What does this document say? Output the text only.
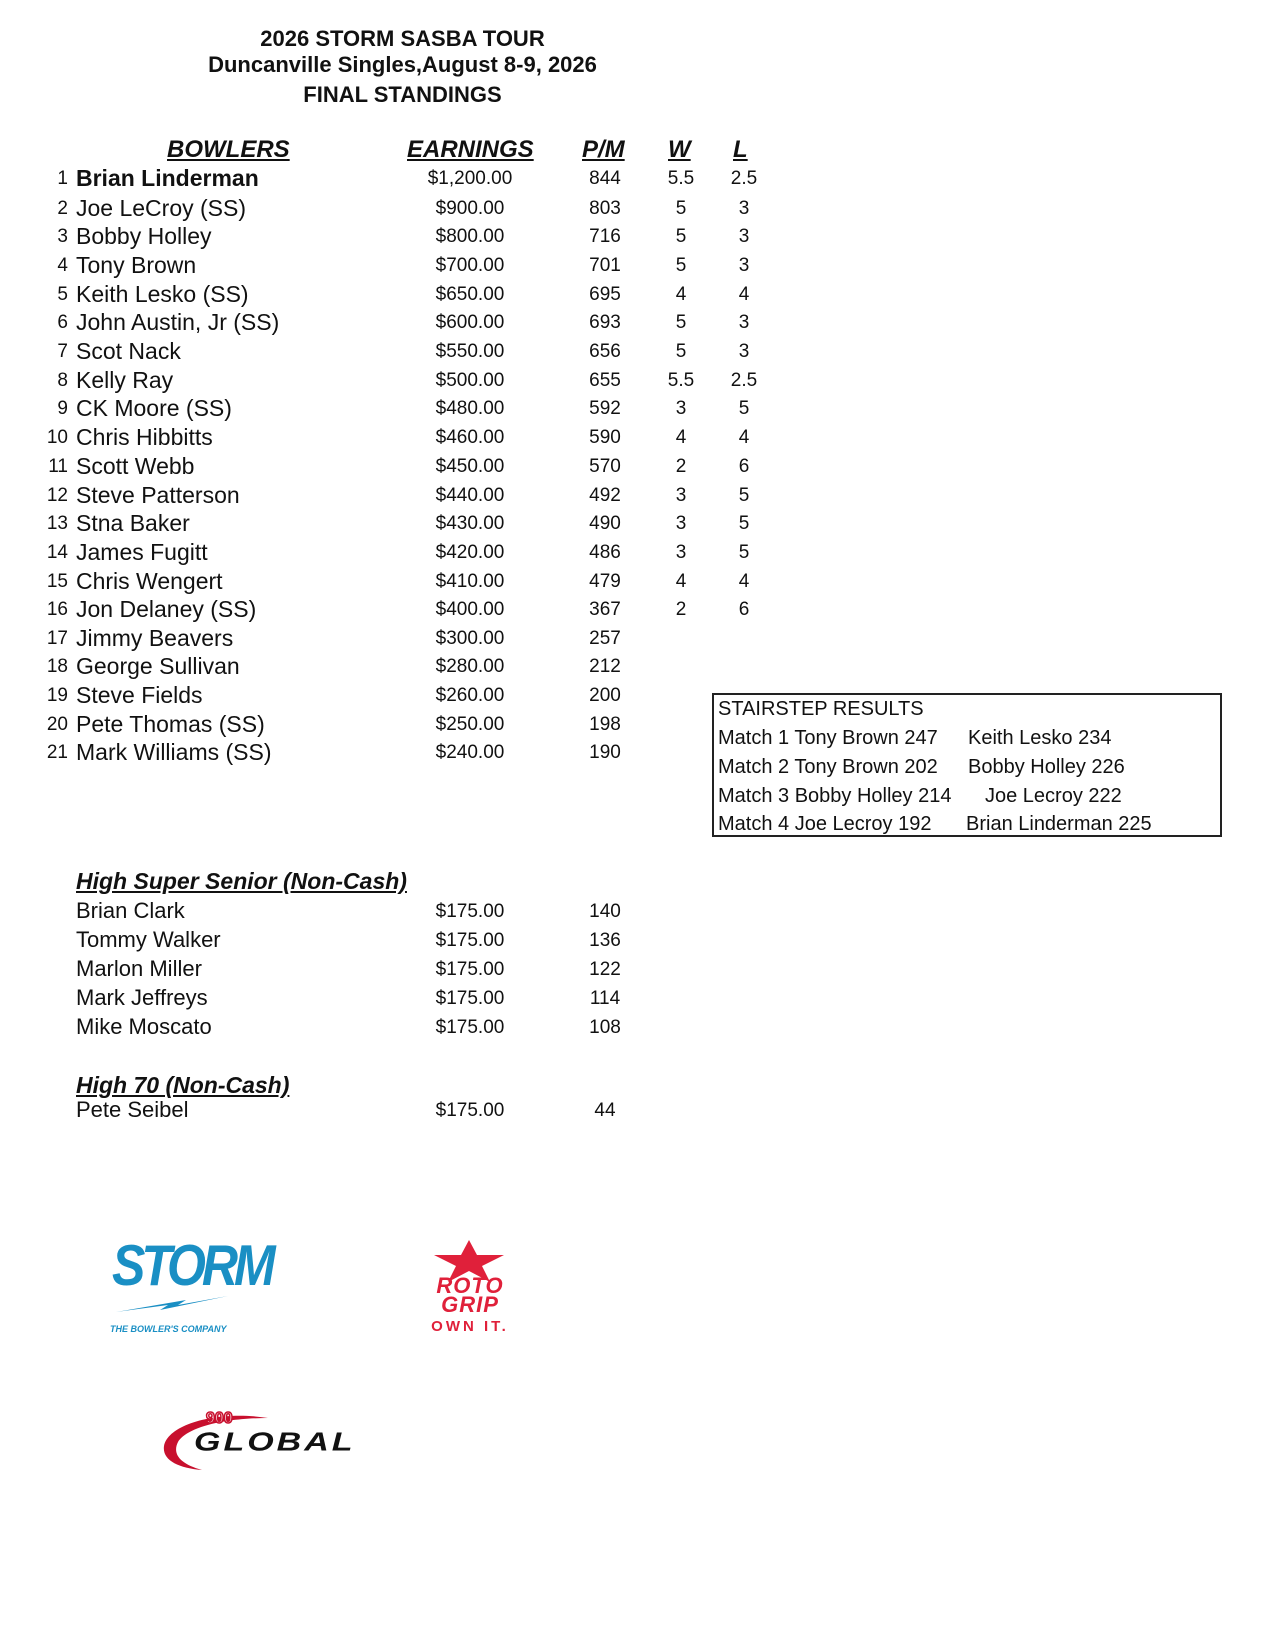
2026 STORM SASBA TOUR
Duncanville Singles,August 8-9, 2026
FINAL STANDINGS
BOWLERS	EARNINGS P/M W L
1 Brian Linderman	$1,200.00	844	5.5	2.5
2 Joe LeCroy (SS)	$900.00	803	5	3
3 Bobby Holley	$800.00	716	5	3
4 Tony Brown	$700.00	701	5	3
5 Keith Lesko (SS)	$650.00	695	4	4
6 John Austin, Jr (SS)	$600.00	693	5	3
7 Scot Nack	$550.00	656	5	3
8 Kelly Ray	$500.00	655	5.5	2.5
9 CK Moore (SS)	$480.00	592	3	5
10 Chris Hibbitts	$460.00	590	4	4
11 Scott Webb	$450.00	570	2	6
12 Steve Patterson	$440.00	492	3	5
13 Stna Baker	$430.00	490	3	5
14 James Fugitt	$420.00	486	3	5
15 Chris Wengert	$410.00	479	4	4
16 Jon Delaney (SS)	$400.00	367	2	6
17 Jimmy Beavers	$300.00	257
18 George Sullivan	$280.00	212
19 Steve Fields	$260.00	200
20 Pete Thomas (SS)	$250.00	198
21 Mark Williams (SS)	$240.00	190
STAIRSTEP RESULTS
Match 1 Tony Brown 247 Keith Lesko 234
Match 2 Tony Brown 202 Bobby Holley 226
Match 3 Bobby Holley 214 Joe Lecroy 222
Match 4 Joe Lecroy 192 Brian Linderman 225
High Super Senior (Non-Cash)
Brian Clark	$175.00	140
Tommy Walker	$175.00	136
Marlon Miller	$175.00	122
Mark Jeffreys	$175.00	114
Mike Moscato	$175.00	108
High 70 (Non-Cash)
Pete Seibel	$175.00	44
STORM
THE BOWLER'S COMPANY
ROTO
GRIP
OWN IT.
900
GLOBAL
